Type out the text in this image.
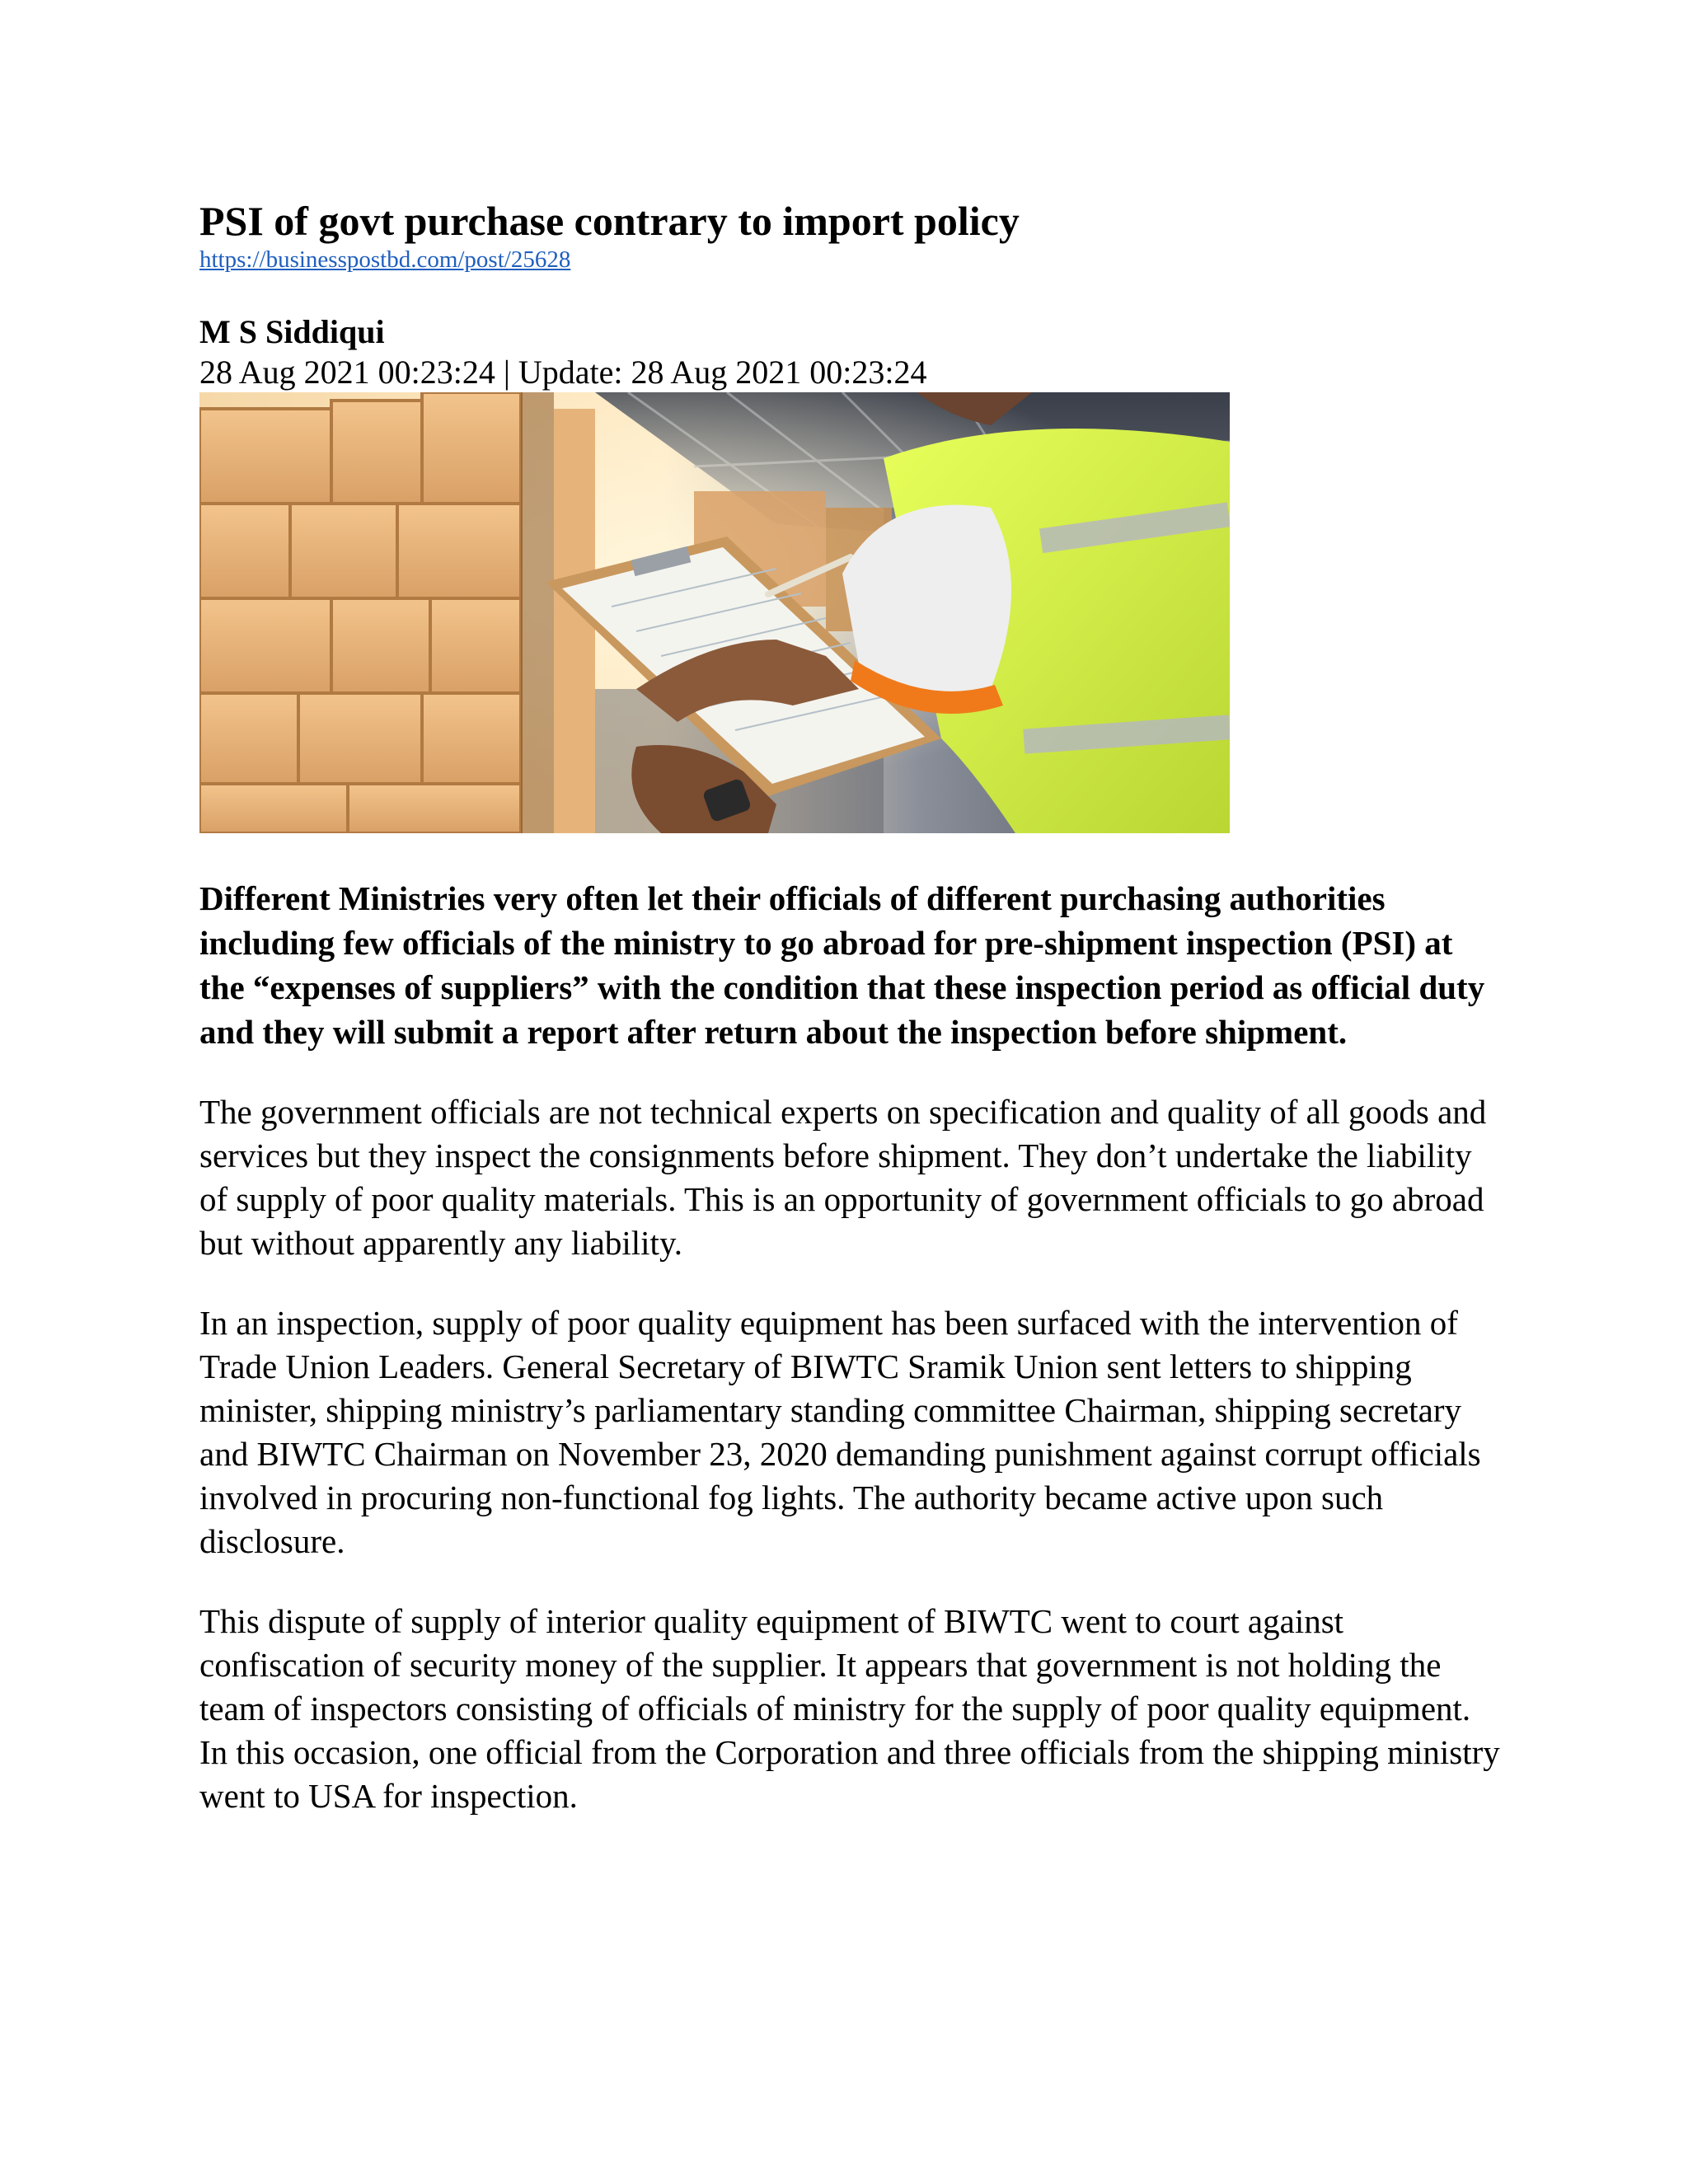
PSI of govt purchase contrary to import policy
https://businesspostbd.com/post/25628
M S Siddiqui
28 Aug 2021 00:23:24 | Update: 28 Aug 2021 00:23:24

Different Ministries very often let their officials of different purchasing authorities including few officials of the ministry to go abroad for pre-shipment inspection (PSI) at the “expenses of suppliers” with the condition that these inspection period as official duty and they will submit a report after return about the inspection before shipment.

The government officials are not technical experts on specification and quality of all goods and services but they inspect the consignments before shipment. They don’t undertake the liability of supply of poor quality materials. This is an opportunity of government officials to go abroad but without apparently any liability.

In an inspection, supply of poor quality equipment has been surfaced with the intervention of Trade Union Leaders. General Secretary of BIWTC Sramik Union sent letters to shipping minister, shipping ministry’s parliamentary standing committee Chairman, shipping secretary and BIWTC Chairman on November 23, 2020 demanding punishment against corrupt officials involved in procuring non-functional fog lights. The authority became active upon such disclosure.

This dispute of supply of interior quality equipment of BIWTC went to court against confiscation of security money of the supplier. It appears that government is not holding the team of inspectors consisting of officials of ministry for the supply of poor quality equipment. In this occasion, one official from the Corporation and three officials from the shipping ministry went to USA for inspection.
